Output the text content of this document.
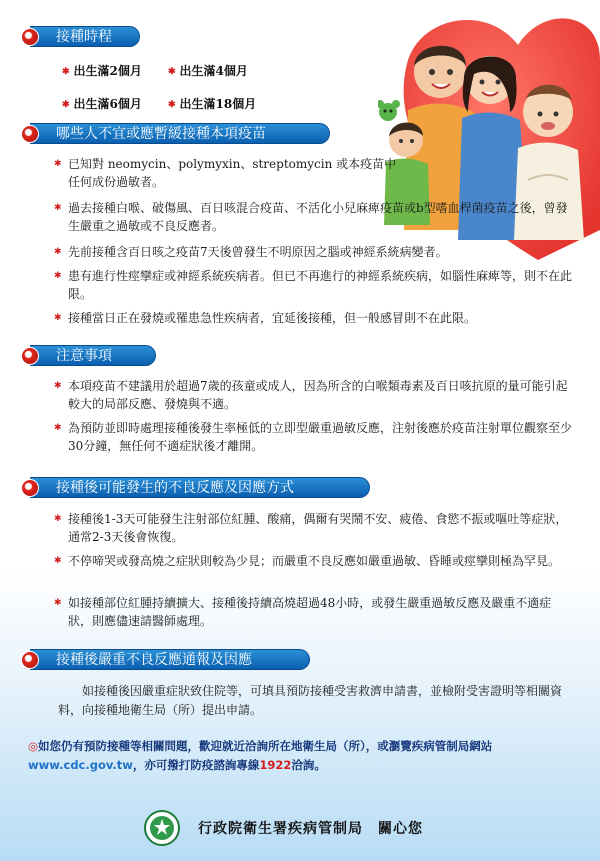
接種時程
✱ 出生滿2個月	✱ 出生滿4個月
✱ 出生滿6個月	✱ 出生滿18個月
哪些人不宜或應暫緩接種本項疫苗
✱ 已知對 neomycin、polymyxin、streptomycin 或本疫苗中任何成份過敏者。
✱ 過去接種白喉、破傷風、百日咳混合疫苗、不活化小兒麻痺疫苗或b型嗜血桿菌疫苗之後，曾發生嚴重之過敏或不良反應者。
✱ 先前接種含百日咳之疫苗7天後曾發生不明原因之腦或神經系統病變者。
✱ 患有進行性痙攣症或神經系統疾病者。但已不再進行的神經系統疾病，如腦性麻痺等，則不在此限。
✱ 接種當日正在發燒或罹患急性疾病者，宜延後接種，但一般感冒則不在此限。
注意事項
✱ 本項疫苗不建議用於超過7歲的孩童或成人，因為所含的白喉類毒素及百日咳抗原的量可能引起較大的局部反應、發燒與不適。
✱ 為預防並即時處理接種後發生率極低的立即型嚴重過敏反應，注射後應於疫苗注射單位觀察至少30分鐘，無任何不適症狀後才離開。
接種後可能發生的不良反應及因應方式
✱ 接種後1-3天可能發生注射部位紅腫、酸痛，偶爾有哭鬧不安、疲倦、食慾不振或嘔吐等症狀，通常2-3天後會恢復。
✱ 不停啼哭或發高燒之症狀則較為少見；而嚴重不良反應如嚴重過敏、昏睡或痙攣則極為罕見。
✱ 如接種部位紅腫持續擴大、接種後持續高燒超過48小時，或發生嚴重過敏反應及嚴重不適症狀，則應儘速請醫師處理。
接種後嚴重不良反應通報及因應
如接種後因嚴重症狀致住院等，可填具預防接種受害救濟申請書，並檢附受害證明等相關資料，向接種地衛生局（所）提出申請。
◎如您仍有預防接種等相關問題，歡迎就近洽詢所在地衛生局（所），或瀏覽疾病管制局網站 www.cdc.gov.tw，亦可撥打防疫諮詢專線1922洽詢。
行政院衛生署疾病管制局　關心您
